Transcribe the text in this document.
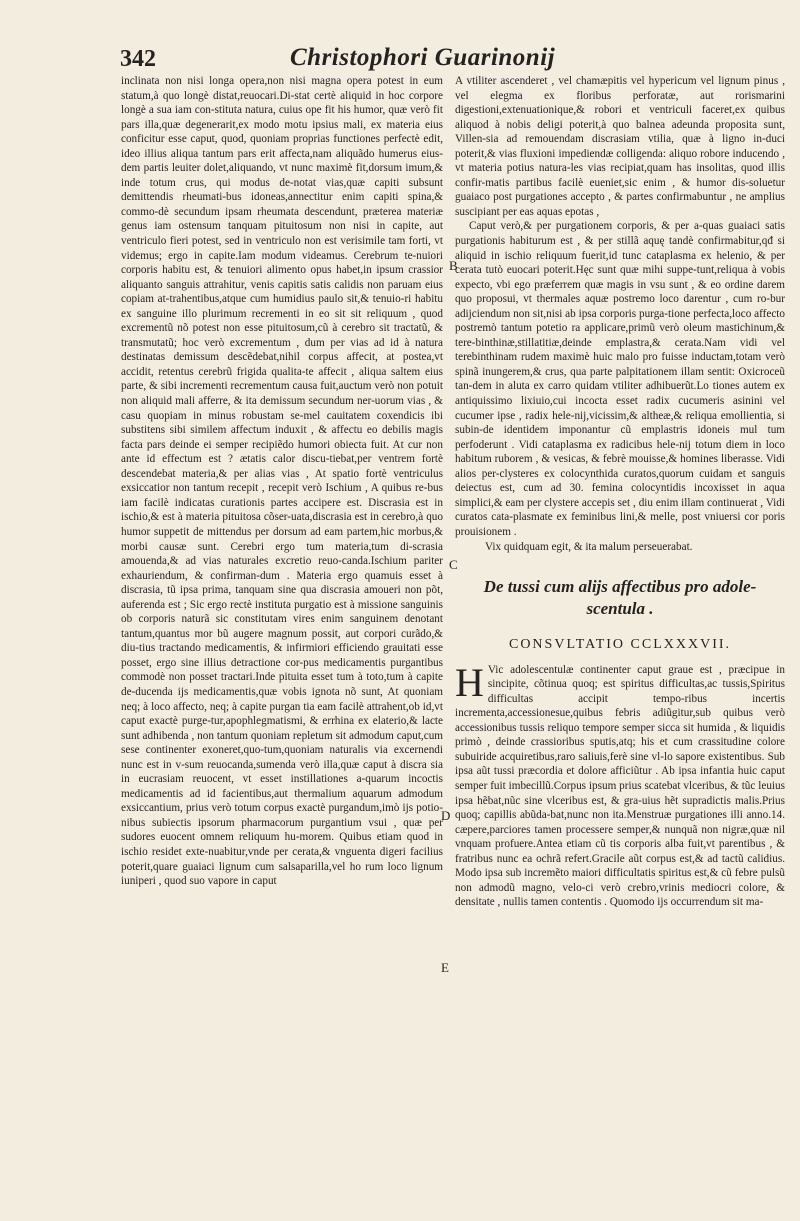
342	Christophori Guarinonij
B
C
D
E

inclinata non nisi longa opera,non nisi magna opera potest in eum statum,à quo longè distat,reuocari.Di-stat certè aliquid in hoc corpore longè a sua iam con-stituta natura, cuius ope fit his humor, quæ verò fit pars illa,quæ degenerarit,ex modo motu ipsius mali, ex materia eius conficitur esse caput, quod, quoniam proprias functiones perfectè edit, ideo illius aliqua tantum pars erit affecta,nam aliquãdo humerus eius-dem partis leuiter dolet,aliquando, vt nunc maximè fit,dorsum imum,& inde totum crus, qui modus de-notat vias,quæ capiti subsunt demittendis rheumati-bus idoneas,annectitur enim capiti spina,& commo-dè secundum ipsam rheumata descendunt, præterea materiæ genus iam ostensum tanquam pituitosum non nisi in capite, aut ventriculo fieri potest, sed in ventriculo non est verisimile tam forti, vt videmus; ergo in capite.Iam modum videamus. Cerebrum te-nuiori corporis habitu est, & tenuiori alimento opus habet,in ipsum crassior aliquanto sanguis attrahitur, venis capitis satis calidis non paruam eius copiam at-trahentibus,atque cum humidius paulo sit,& tenuio-ri habitu ex sanguine illo plurimum recrementi in eo sit sit reliquum , quod excrementũ nõ potest non esse pituitosum,cũ à cerebro sit tractatũ, & transmutatũ; hoc verò excrementum , dum per vias ad id à natura destinatas demissum descẽdebat,nihil corpus affecit, at postea,vt accidit, retentus cerebrũ frigida qualita-te affecit , aliqua saltem eius parte, & sibi incrementi recrementum causa fuit,auctum verò non potuit non aliquid mali afferre, & ita demissum secundum ner-uorum vias , & casu quopiam in minus robustam se-mel cauitatem coxendicis ibi substitens sibi similem affectum induxit , & affectu eo debilis magis facta pars deinde ei semper recipiẽdo humori obiecta fuit. At cur non ante id effectum est ? ætatis calor discu-tiebat,per ventrem fortè descendebat materia,& per alias vias , At spatio fortè ventriculus exsiccatior non tantum recepit , recepit verò Ischium , A quibus re-bus iam facilè indicatas curationis partes accipere est. Discrasia est in ischio,& est à materia pituitosa cõser-uata,discrasia est in cerebro,à quo humor suppetit de mittendus per dorsum ad eam partem,hic morbus,& morbi causæ sunt. Cerebri ergo tum materia,tum di-scrasia amouenda,& ad vias naturales excretio reuo-canda.Ischium pariter exhauriendum, & confirman-dum . Materia ergo quamuis esset à discrasia, tũ ipsa prima, tanquam sine qua discrasia amoueri non põt, auferenda est ; Sic ergo rectè instituta purgatio est à missione sanguinis ob corporis naturã sic constitutam vires enim sanguinem denotant tantum,quantus mor bũ augere magnum possit, aut corpori curãdo,& diu-tius tractando medicamentis, & infirmiori efficiendo grauitati esse posset, ergo sine illius detractione cor-pus medicamentis purgantibus commodè non posset tractari.Inde pituita esset tum à toto,tum à capite de-ducenda ijs medicamentis,quæ vobis ignota nõ sunt, At quoniam neq; à loco affecto, neq; à capite purgan tia eam facilè attrahent,ob id,vt caput exactè purge-tur,apophlegmatismi, & errhina ex elaterio,& lacte sunt adhibenda , non tantum quoniam repletum sit admodum caput,cum sese continenter exoneret,quo-tum,quoniam naturalis via excernendi nunc est in v-sum reuocanda,sumenda verò illa,quæ caput à discra sia in eucrasiam reuocent, vt esset instillationes a-quarum incoctis medicamentis ad id facientibus,aut thermalium aquarum admodum exsiccantium, prius verò totum corpus exactè purgandum,imò ijs potio-nibus subiectis ipsorum pharmacorum purgantium vsui , quæ per sudores euocent omnem reliquum hu-morem. Quibus etiam quod in ischio residet exte-nuabitur,vnde per cerata,& vnguenta digeri facilius poterit,quare guaiaci lignum cum salsaparilla,vel ho rum loco lignum iuniperi , quod suo vapore in caput

A vtiliter ascenderet , vel chamæpitis vel hypericum vel lignum pinus , vel elegma ex floribus perforatæ, aut rorismarini digestioni,extenuationique,& robori et ventriculi faceret,ex quibus aliquod à nobis deligi poterit,à quo balnea adeunda proposita sunt, Villen-sia ad remouendam discrasiam vtilia, quæ à ligno in-duci poterit,& vias fluxioni impediendæ colligenda: aliquo robore inducendo , vt materia potius natura-les vias recipiat,quam has insolitas, quod illis confir-matis partibus facilè eueniet,sic enim , & humor dis-soluetur guaiaco post purgationes accepto , & partes confirmabuntur , ne amplius suscipiant per eas aquas epotas ,

Caput verò,& per purgationem corporis, & per a-quas guaiaci satis purgationis habiturum est , & per stillã aquę tandè confirmabitur,qđ si aliquid in ischio reliquum fuerit,id tunc cataplasma ex helenio, & per cerata tutò euocari poterit.Hęc sunt quæ mihi suppe-tunt,reliqua à vobis expecto, vbi ego præferrem quæ magis in vsu sunt , & eo ordine darem quo proposui, vt thermales aquæ postremo loco darentur , cum ro-bur adijciendum non sit,nisi ab ipsa corporis purga-tione perfecta,loco affecto postremò tantum potetio ra applicare,primũ verò oleum mastichinum,& tere-binthinæ,stillatitiæ,deinde emplastra,& cerata.Nam vidi vel terebinthinam rudem maximè huic malo pro fuisse inductam,totam verò spinã inungerem,& crus, qua parte palpitationem illam sentit: Oxicroceũ tan-dem in aluta ex carro quidam vtiliter adhibuerũt.Lo tiones autem ex antiquissimo lixiuio,cui incocta esset radix cucumeris asinini vel cucumer ipse , radix hele-nij,vicissim,& altheæ,& reliqua emollientia, si subin-de identidem imponantur cũ emplastris idoneis mul tum perfoderunt . Vidi cataplasma ex radicibus hele-nij totum diem in loco habitum ruborem , & vesicas, & febrè mouisse,& homines liberasse. Vidi alios per-clysteres ex colocynthida curatos,quorum cuidam et sanguis deiectus est, cum ad 30. femina colocyntidis incoxisset in aqua simplici,& eam per clystere accepis set , diu enim illam continuerat , Vidi curatos cata-plasmate ex feminibus lini,& melle, post vniuersi cor poris prouisionem .

Vix quidquam egit, & ita malum perseuerabat.

De tussi cum alijs affectibus pro adole-scentula .
CONSVLTATIO CCLXXXVII.

H Vic adolescentulæ continenter caput graue est , præcipue in sincipite, cõtinua quoq; est spiritus difficultas,ac tussis,Spiritus difficultas accipit tempo-ribus incertis incrementa,accessionesue,quibus febris adiũgitur,sub quibus verò accessionibus tussis reliquo tempore semper sicca sit humida , & liquidis primò , deinde crassioribus sputis,atq; his et cum crassitudine colore subuiride acquiretibus,raro saliuis,ferè sine vl-lo sapore existentibus. Sub ipsa aũt tussi præcordia et dolore afficiũtur . Ab ipsa infantia huic caput semper fuit imbecillũ.Corpus ipsum prius scatebat vlceribus, & tũc leuius ipsa hẽbat,nũc sine vlceribus est, & gra-uius hẽt supradictis malis.Prius quoq; capillis abũda-bat,nunc non ita.Menstruæ purgationes illi anno.14. cæpere,parciores tamen processere semper,& nunquã non nigræ,quæ nil vnquam profuere.Antea etiam cũ tis corporis alba fuit,vt parentibus , & fratribus nunc ea ochrã refert.Gracile aũt corpus est,& ad tactũ calidius. Modo ipsa sub incremẽto maiori difficultatis spiritus est,& cũ febre pulsũ non admodũ magno, velo-ci verò crebro,vrinis mediocri colore, & densitate , nullis tamen contentis . Quomodo ijs occurrendum sit ma-
